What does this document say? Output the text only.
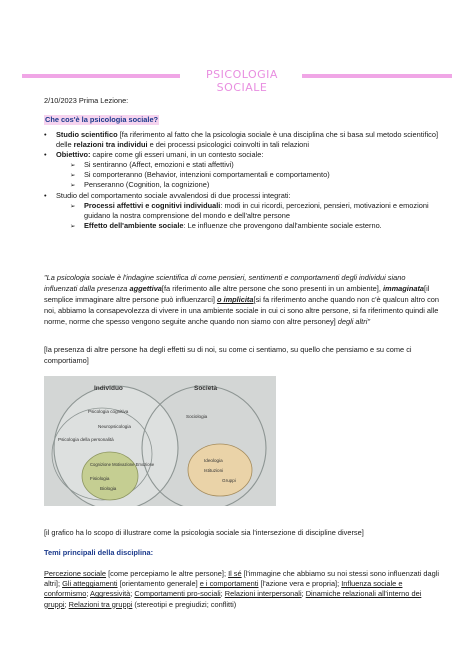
PSICOLOGIA SOCIALE
2/10/2023 Prima Lezione:
Che cos'è la psicologia sociale?
• Studio scientifico [fa riferimento al fatto che la psicologia sociale è una disciplina che si basa sul metodo scientifico] delle relazioni tra individui e dei processi psicologici coinvolti in tali relazioni
• Obiettivo: capire come gli esseri umani, in un contesto sociale:
➢ Si sentiranno (Affect, emozioni e stati affettivi)
➢ Si comporteranno (Behavior, intenzioni comportamentali e comportamento)
➢ Penseranno (Cognition, la cognizione)
• Studio del comportamento sociale avvalendosi di due processi integrati:
➢ Processi affettivi e cognitivi individuali: modi in cui ricordi, percezioni, pensieri, motivazioni e emozioni guidano la nostra comprensione del mondo e dell'altre persone
➢ Effetto dell'ambiente sociale: Le influenze che provengono dall'ambiente sociale esterno.
"La psicologia sociale è l'indagine scientifica di come pensieri, sentimenti e comportamenti degli individui siano influenzati dalla presenza aggettiva[fa riferimento alle altre persone che sono presenti in un ambiente], immaginata[il semplice immaginare altre persone può influenzarci] o implicita[si fa riferimento anche quando non c'è qualcun altro con noi, abbiamo la consapevolezza di vivere in una ambiente sociale in cui ci sono altre persone, si fa riferimento quindi alle norme, norme che spesso vengono seguite anche quando non siamo con altre personey] degli altri"
[la presenza di altre persone ha degli effetti su di noi, su come ci sentiamo, su quello che pensiamo e su come ci comportiamo]
Individuo	Società
Psicologia cognitiva
Neuropsicologia
Psicologia della personalità
Cognizione Motivazione Emozione
Fisiologia
Biologia
Sociologia
Ideologia
Istituzioni
Gruppi
[il grafico ha lo scopo di illustrare come la psicologia sociale sia l'intersezione di discipline diverse]
Temi principali della disciplina:
Percezione sociale [come percepiamo le altre persone]; Il sé [l'immagine che abbiamo su noi stessi sono influenzati dagli altri]; Gli atteggiamenti [orientamento generale] e i comportamenti [l'azione vera e propria]; Influenza sociale e conformismo; Aggressività; Comportamenti pro-sociali; Relazioni interpersonali; Dinamiche relazionali all'interno dei gruppi; Relazioni tra gruppi (stereotipi e pregiudizi; conflitti)
